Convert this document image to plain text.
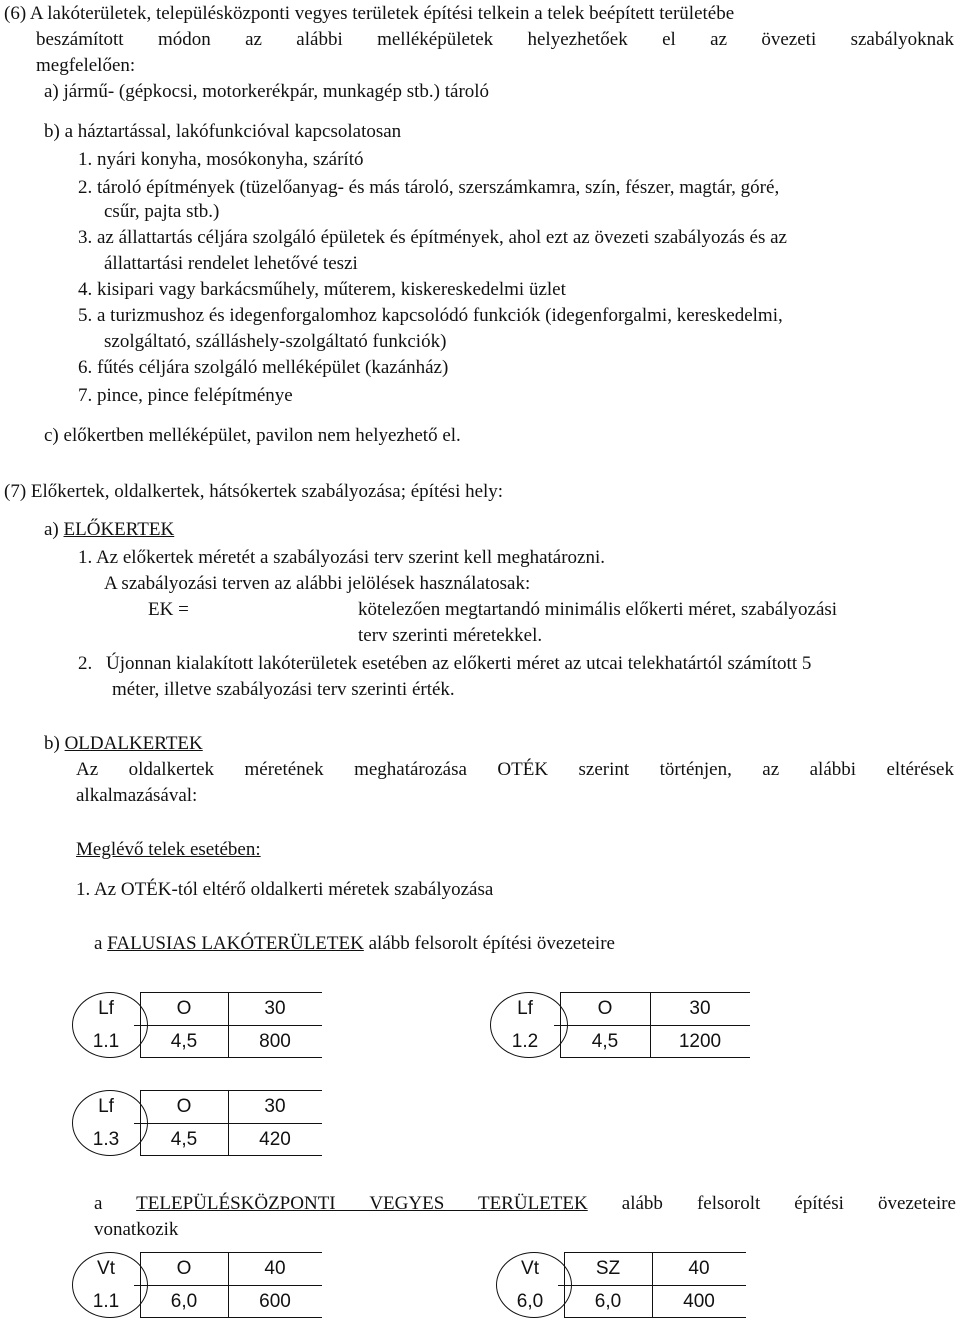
(6) A lakóterületek, településközponti vegyes területek építési telkein a telek beépített területébe
beszámított módon az alábbi melléképületek helyezhetőek el az övezeti szabályoknak
megfelelően:
a) jármű- (gépkocsi, motorkerékpár, munkagép stb.) tároló
b) a háztartással, lakófunkcióval kapcsolatosan
1. nyári konyha, mosókonyha, szárító
2. tároló építmények (tüzelőanyag- és más tároló, szerszámkamra, szín, fészer, magtár, góré,
csűr, pajta stb.)
3. az állattartás céljára szolgáló épületek és építmények, ahol ezt az övezeti szabályozás és az
állattartási rendelet lehetővé teszi
4. kisipari vagy barkácsműhely, műterem, kiskereskedelmi üzlet
5. a turizmushoz és idegenforgalomhoz kapcsolódó funkciók (idegenforgalmi, kereskedelmi,
szolgáltató, szálláshely-szolgáltató funkciók)
6. fűtés céljára szolgáló melléképület (kazánház)
7. pince, pince felépítménye
c) előkertben melléképület, pavilon nem helyezhető el.
(7) Előkertek, oldalkertek, hátsókertek szabályozása; építési hely:
a) ELŐKERTEK
1. Az előkertek méretét a szabályozási terv szerint kell meghatározni.
A szabályozási terven az alábbi jelölések használatosak:
EK =	kötelezően megtartandó minimális előkerti méret, szabályozási
terv szerinti méretekkel.
2. Újonnan kialakított lakóterületek esetében az előkerti méret az utcai telekhatártól számított 5
méter, illetve szabályozási terv szerinti érték.
b) OLDALKERTEK
Az oldalkertek méretének meghatározása OTÉK szerint történjen, az alábbi eltérések
alkalmazásával:
Meglévő telek esetében:
1. Az OTÉK-tól eltérő oldalkerti méretek szabályozása
a FALUSIAS LAKÓTERÜLETEK alább felsorolt építési övezeteire
a TELEPÜLÉSKÖZPONTI VEGYES TERÜLETEK alább felsorolt építési övezeteire
vonatkozik
Lf	O	30
1.1	4,5	800
Lf	O	30
1.2	4,5	1200
Lf	O	30
1.3	4,5	420
Vt	O	40
1.1	6,0	600
Vt	SZ	40
6,0	6,0	400
